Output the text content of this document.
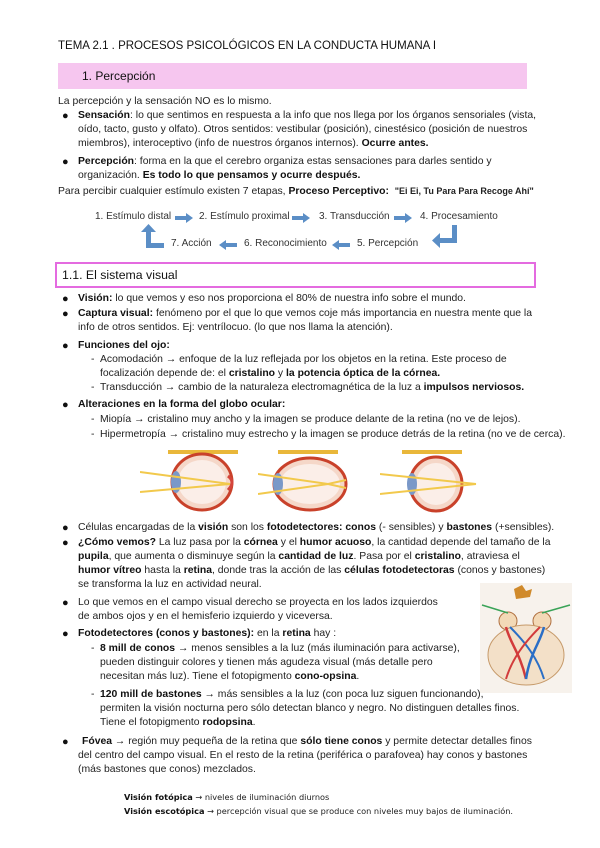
TEMA 2.1 . PROCESOS PSICOLÓGICOS EN LA CONDUCTA HUMANA I
1. Percepción
La percepción y la sensación NO es lo mismo.
● Sensación: lo que sentimos en respuesta a la info que nos llega por los órganos sensoriales (vista,
oído, tacto, gusto y olfato). Otros sentidos: vestibular (posición), cinestésico (posición de nuestros
miembros), interoceptivo (info de nuestros órganos internos). Ocurre antes.
● Percepción: forma en la que el cerebro organiza estas sensaciones para darles sentido y
organización. Es todo lo que pensamos y ocurre después.
Para percibir cualquier estímulo existen 7 etapas, Proceso Perceptivo: "Ei Ei, Tu Para Para Recoge Ahí"
1. Estímulo distal	2. Estímulo proximal	3. Transducción	4. Procesamiento
7. Acción	6. Reconocimiento	5. Percepción
1.1. El sistema visual
● Visión: lo que vemos y eso nos proporciona el 80% de nuestra info sobre el mundo.
● Captura visual: fenómeno por el que lo que vemos coje más importancia en nuestra mente que la
info de otros sentidos. Ej: ventrílocuo. (lo que nos llama la atención).
● Funciones del ojo:
- Acomodación → enfoque de la luz reflejada por los objetos en la retina. Este proceso de
focalización depende de: el cristalino y la potencia óptica de la córnea.
- Transducción → cambio de la naturaleza electromagnética de la luz a impulsos nerviosos.
● Alteraciones en la forma del globo ocular:
- Miopía → cristalino muy ancho y la imagen se produce delante de la retina (no ve de lejos).
- Hipermetropía → cristalino muy estrecho y la imagen se produce detrás de la retina (no ve de cerca).
● Células encargadas de la visión son los fotodetectores: conos (- sensibles) y bastones (+sensibles).
● ¿Cómo vemos? La luz pasa por la córnea y el humor acuoso, la cantidad depende del tamaño de la
pupila, que aumenta o disminuye según la cantidad de luz. Pasa por el cristalino, atraviesa el
humor vítreo hasta la retina, donde tras la acción de las células fotodetectoras (conos y bastones)
se transforma la luz en actividad neural.
● Lo que vemos en el campo visual derecho se proyecta en los lados izquierdos
de ambos ojos y en el hemisferio izquierdo y viceversa.
● Fotodetectores (conos y bastones): en la retina hay :
- 8 mill de conos → menos sensibles a la luz (más iluminación para activarse),
pueden distinguir colores y tienen más agudeza visual (más detalle pero
necesitan más luz). Tiene el fotopigmento cono-opsina.
- 120 mill de bastones → más sensibles a la luz (con poca luz siguen funcionando),
permiten la visión nocturna pero sólo detectan blanco y negro. No distinguen detalles finos.
Tiene el fotopigmento rodopsina.
● Fóvea → región muy pequeña de la retina que sólo tiene conos y permite detectar detalles finos
del centro del campo visual. En el resto de la retina (periférica o parafovea) hay conos y bastones
(más bastones que conos) mezclados.
Visión fotópica → niveles de iluminación diurnos
Visión escotópica → percepción visual que se produce con niveles muy bajos de iluminación.
